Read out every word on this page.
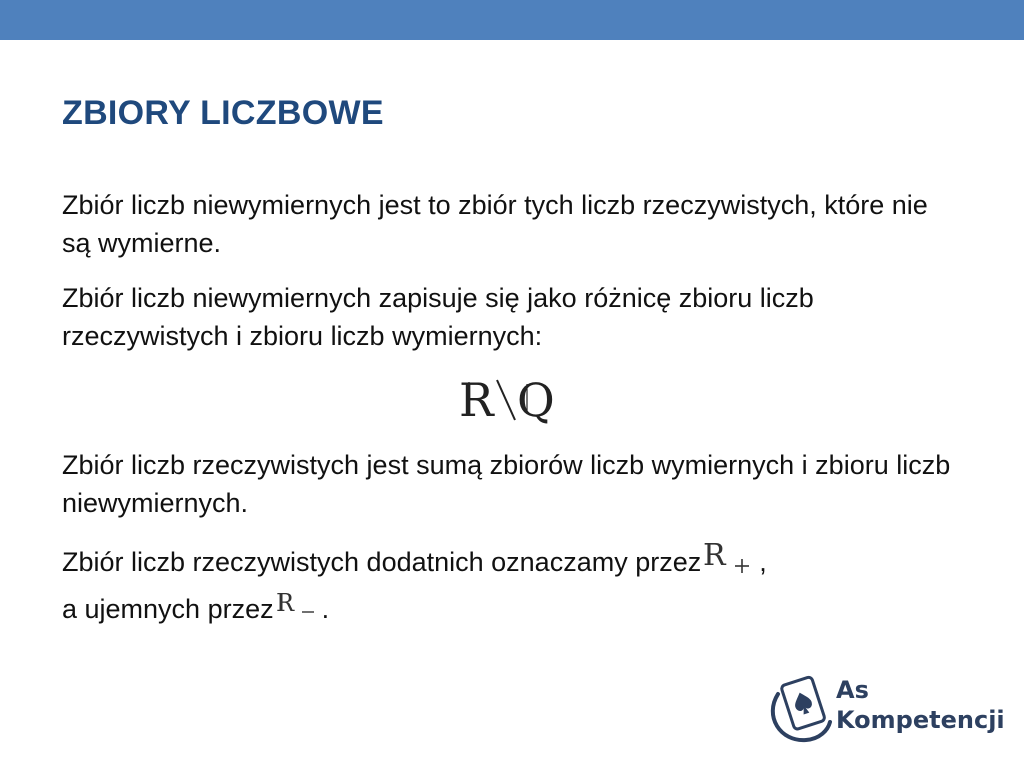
ZBIORY LICZBOWE

Zbiór liczb niewymiernych jest to zbiór tych liczb rzeczywistych, które nie są wymierne.

Zbiór liczb niewymiernych zapisuje się jako różnicę zbioru liczb rzeczywistych i zbioru liczb wymiernych:

R Q

Zbiór liczb rzeczywistych jest sumą zbiorów liczb wymiernych i zbioru liczb niewymiernych.

Zbiór liczb rzeczywistych dodatnich oznaczamy przez R ,
a ujemnych przez R .

As
Kompetencji
